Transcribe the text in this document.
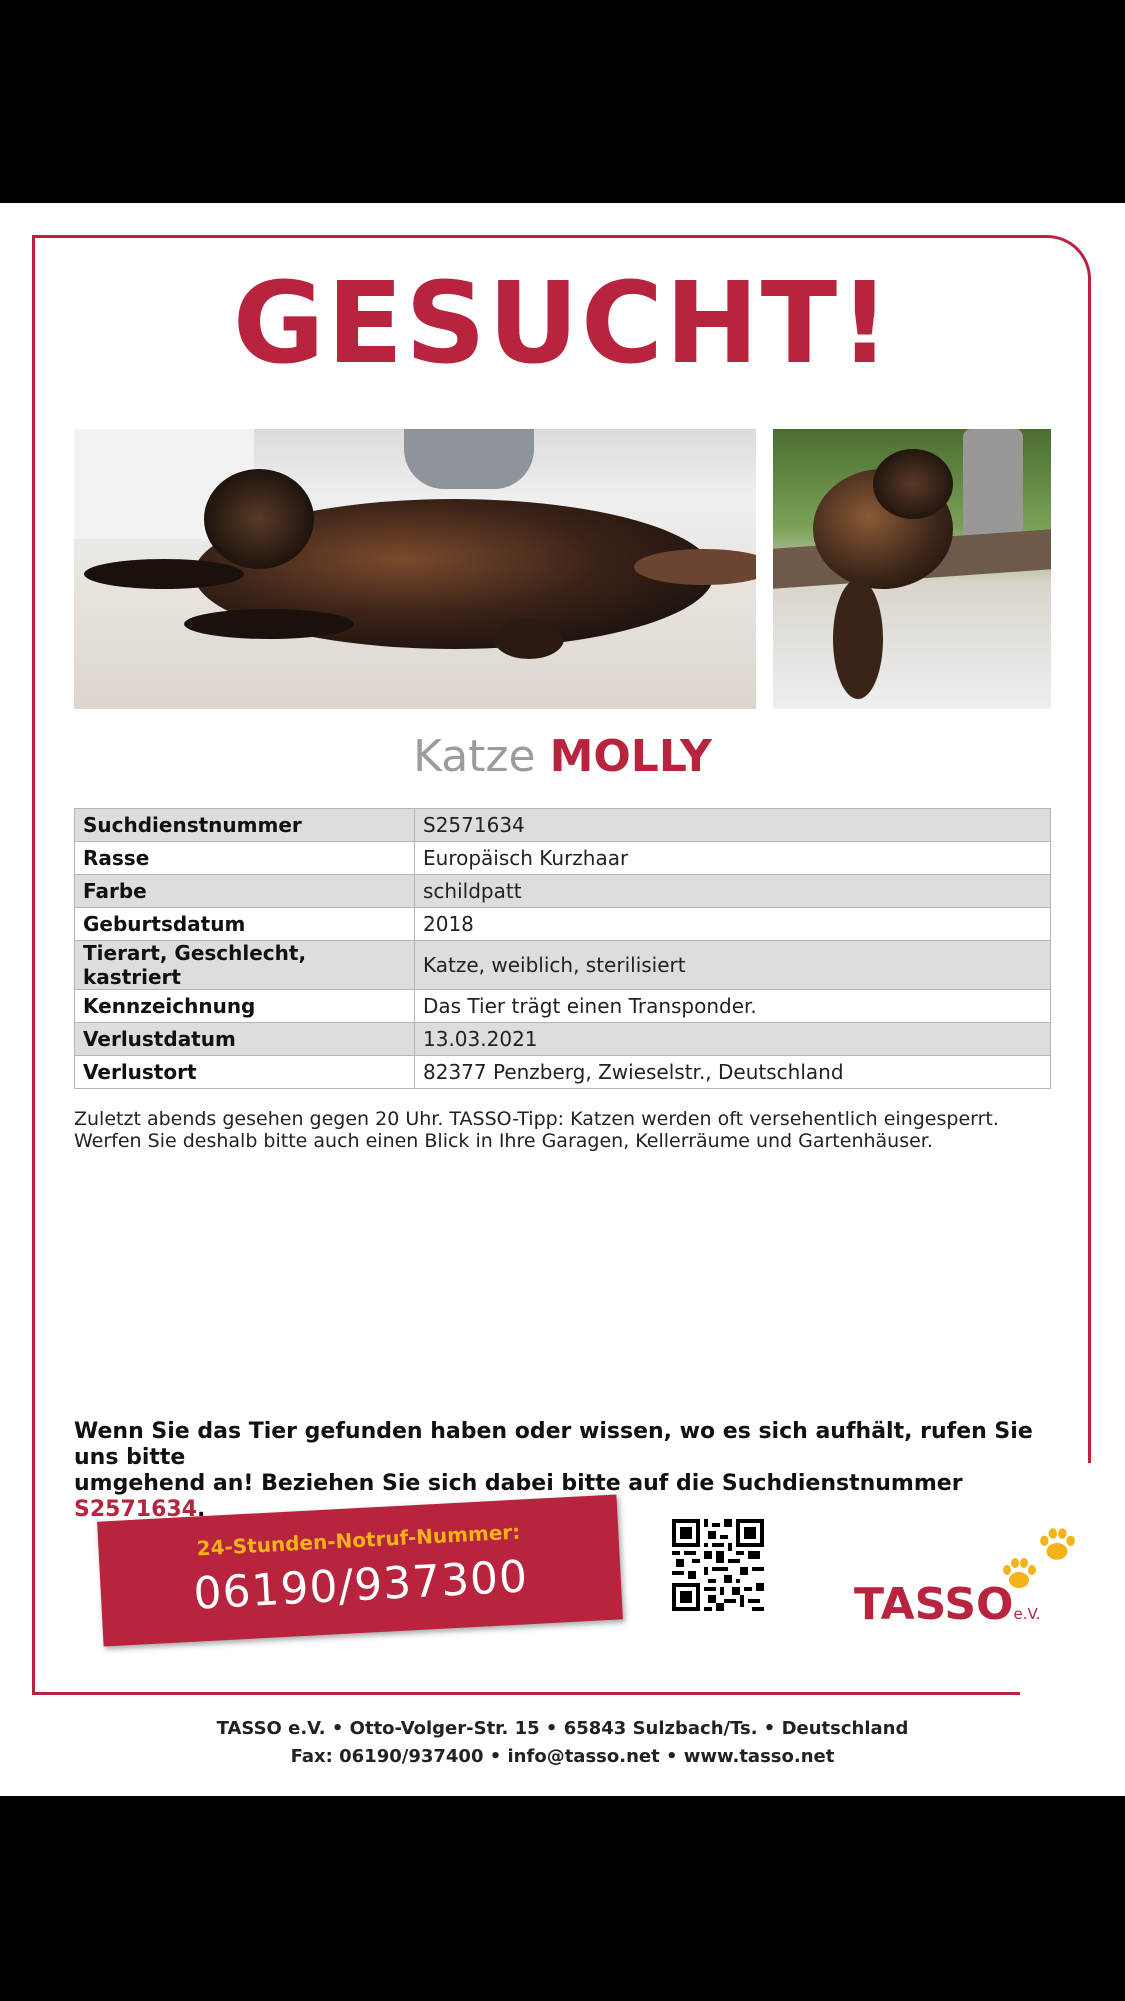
GESUCHT!
Katze MOLLY
Suchdienstnummer	S2571634
Rasse	Europäisch Kurzhaar
Farbe	schildpatt
Geburtsdatum	2018
Tierart, Geschlecht, kastriert	Katze, weiblich, sterilisiert
Kennzeichnung	Das Tier trägt einen Transponder.
Verlustdatum	13.03.2021
Verlustort	82377 Penzberg, Zwieselstr., Deutschland

Zuletzt abends gesehen gegen 20 Uhr. TASSO-Tipp: Katzen werden oft versehentlich eingesperrt.

Werfen Sie deshalb bitte auch einen Blick in Ihre Garagen, Kellerräume und Gartenhäuser.

Wenn Sie das Tier gefunden haben oder wissen, wo es sich aufhält, rufen Sie uns bitte

umgehend an! Beziehen Sie sich dabei bitte auf die Suchdienstnummer S2571634.

24-Stunden-Notruf-Nummer:
06190/937300	TASSOe.V.

TASSO e.V. • Otto-Volger-Str. 15 • 65843 Sulzbach/Ts. • Deutschland

Fax: 06190/937400 • info@tasso.net • www.tasso.net
